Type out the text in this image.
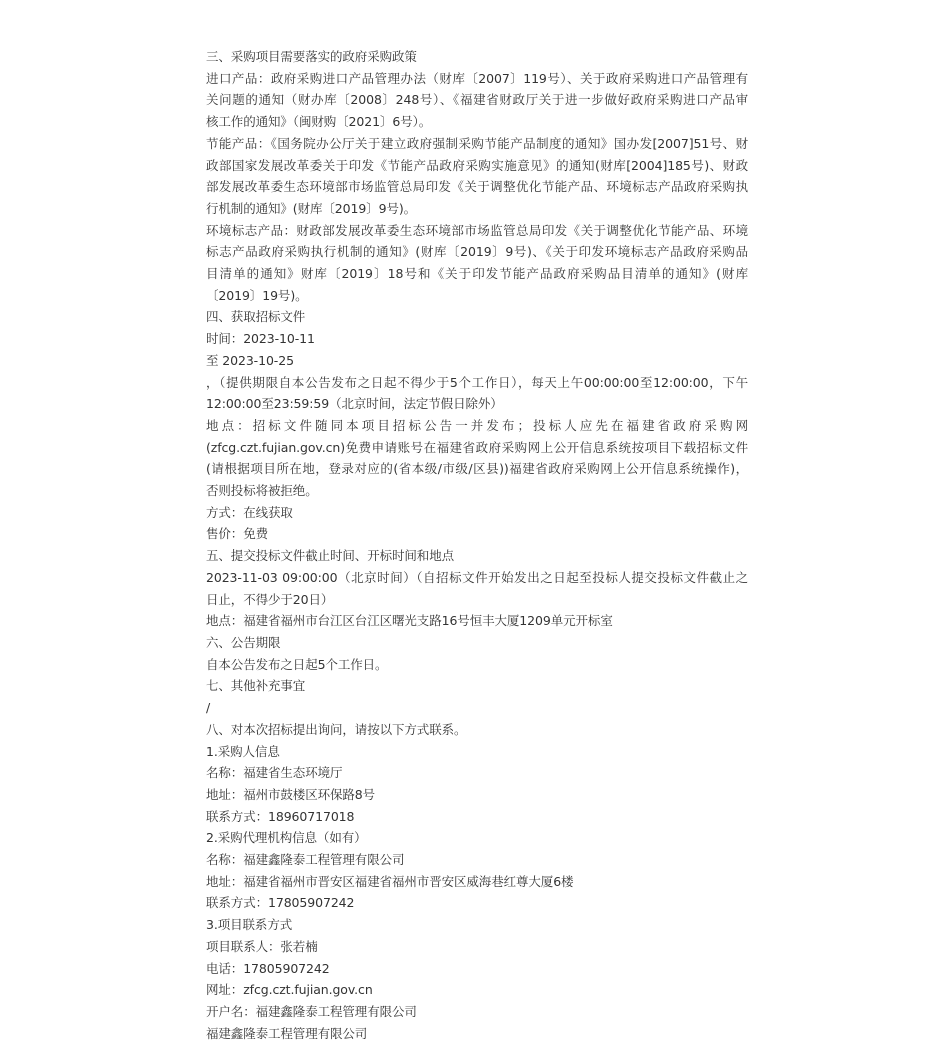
三、采购项目需要落实的政府采购政策

进口产品：政府采购进口产品管理办法（财库〔2007〕119号）、关于政府采购进口产品管理有

关问题的通知（财办库〔2008〕248号）、《福建省财政厅关于进一步做好政府采购进口产品审

核工作的通知》（闽财购〔2021〕6号）。

节能产品：《国务院办公厅关于建立政府强制采购节能产品制度的通知》国办发[2007]51号、财

政部国家发展改革委关于印发《节能产品政府采购实施意见》的通知(财库[2004]185号)、财政

部发展改革委生态环境部市场监管总局印发《关于调整优化节能产品、环境标志产品政府采购执

行机制的通知》(财库〔2019〕9号)。

环境标志产品：财政部发展改革委生态环境部市场监管总局印发《关于调整优化节能产品、环境

标志产品政府采购执行机制的通知》(财库〔2019〕9号)、《关于印发环境标志产品政府采购品

目清单的通知》财库〔2019〕18号和《关于印发节能产品政府采购品目清单的通知》(财库

〔2019〕19号)。

四、获取招标文件

时间：2023-10-11

至 2023-10-25

，（提供期限自本公告发布之日起不得少于5个工作日），每天上午00:00:00至12:00:00，下午

12:00:00至23:59:59（北京时间，法定节假日除外）

地点：招标文件随同本项目招标公告一并发布；投标人应先在福建省政府采购网

(zfcg.czt.fujian.gov.cn)免费申请账号在福建省政府采购网上公开信息系统按项目下载招标文件

(请根据项目所在地，登录对应的(省本级/市级/区县))福建省政府采购网上公开信息系统操作)，

否则投标将被拒绝。

方式：在线获取

售价：免费

五、提交投标文件截止时间、开标时间和地点

2023-11-03 09:00:00（北京时间）（自招标文件开始发出之日起至投标人提交投标文件截止之

日止，不得少于20日）

地点：福建省福州市台江区台江区曙光支路16号恒丰大厦1209单元开标室

六、公告期限

自本公告发布之日起5个工作日。

七、其他补充事宜

/

八、对本次招标提出询问，请按以下方式联系。

1.采购人信息

名称：福建省生态环境厅

地址：福州市鼓楼区环保路8号

联系方式：18960717018

2.采购代理机构信息（如有）

名称：福建鑫隆泰工程管理有限公司

地址：福建省福州市晋安区福建省福州市晋安区威海巷红尊大厦6楼

联系方式：17805907242

3.项目联系方式

项目联系人：张若楠

电话：17805907242

网址：zfcg.czt.fujian.gov.cn

开户名：福建鑫隆泰工程管理有限公司

福建鑫隆泰工程管理有限公司
